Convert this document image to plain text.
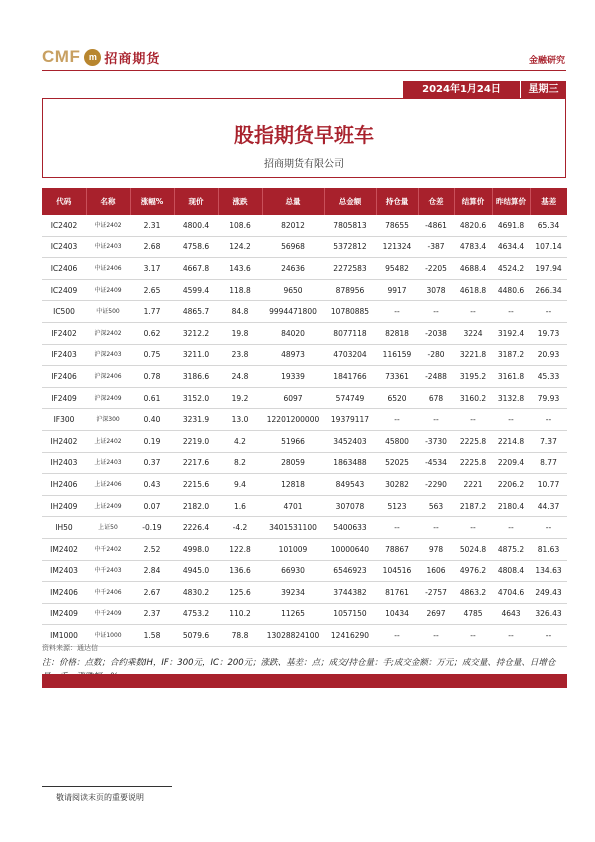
CMF m 招商期货	金融研究
2024年1月24日	星期三
股指期货早班车
招商期货有限公司
代码	名称	涨幅%	现价	涨跌	总量	总金额	持仓量	仓差	结算价	昨结算价	基差
IC2402	中证2402	2.31	4800.4	108.6	82012	7805813	78655	-4861	4820.6	4691.8	65.34
IC2403	中证2403	2.68	4758.6	124.2	56968	5372812	121324	-387	4783.4	4634.4	107.14
IC2406	中证2406	3.17	4667.8	143.6	24636	2272583	95482	-2205	4688.4	4524.2	197.94
IC2409	中证2409	2.65	4599.4	118.8	9650	878956	9917	3078	4618.8	4480.6	266.34
IC500	中证500	1.77	4865.7	84.8	9994471800	10780885	--	--	--	--	--
IF2402	沪深2402	0.62	3212.2	19.8	84020	8077118	82818	-2038	3224	3192.4	19.73
IF2403	沪深2403	0.75	3211.0	23.8	48973	4703204	116159	-280	3221.8	3187.2	20.93
IF2406	沪深2406	0.78	3186.6	24.8	19339	1841766	73361	-2488	3195.2	3161.8	45.33
IF2409	沪深2409	0.61	3152.0	19.2	6097	574749	6520	678	3160.2	3132.8	79.93
IF300	沪深300	0.40	3231.9	13.0	12201200000	19379117	--	--	--	--	--
IH2402	上证2402	0.19	2219.0	4.2	51966	3452403	45800	-3730	2225.8	2214.8	7.37
IH2403	上证2403	0.37	2217.6	8.2	28059	1863488	52025	-4534	2225.8	2209.4	8.77
IH2406	上证2406	0.43	2215.6	9.4	12818	849543	30282	-2290	2221	2206.2	10.77
IH2409	上证2409	0.07	2182.0	1.6	4701	307078	5123	563	2187.2	2180.4	44.37
IH50	上证50	-0.19	2226.4	-4.2	3401531100	5400633	--	--	--	--	--
IM2402	中千2402	2.52	4998.0	122.8	101009	10000640	78867	978	5024.8	4875.2	81.63
IM2403	中千2403	2.84	4945.0	136.6	66930	6546923	104516	1606	4976.2	4808.4	134.63
IM2406	中千2406	2.67	4830.2	125.6	39234	3744382	81761	-2757	4863.2	4704.6	249.43
IM2409	中千2409	2.37	4753.2	110.2	11265	1057150	10434	2697	4785	4643	326.43
IM1000	中证1000	1.58	5079.6	78.8	13028824100	12416290	--	--	--	--	--
资料来源：通达信
注：价格：点数；合约乘数IH，IF：300元，IC：200元；涨跌、基差：点；成交/持仓量：手;成交金额：万元；成交量、持仓量、日增仓
敬请阅读末页的重要说明
